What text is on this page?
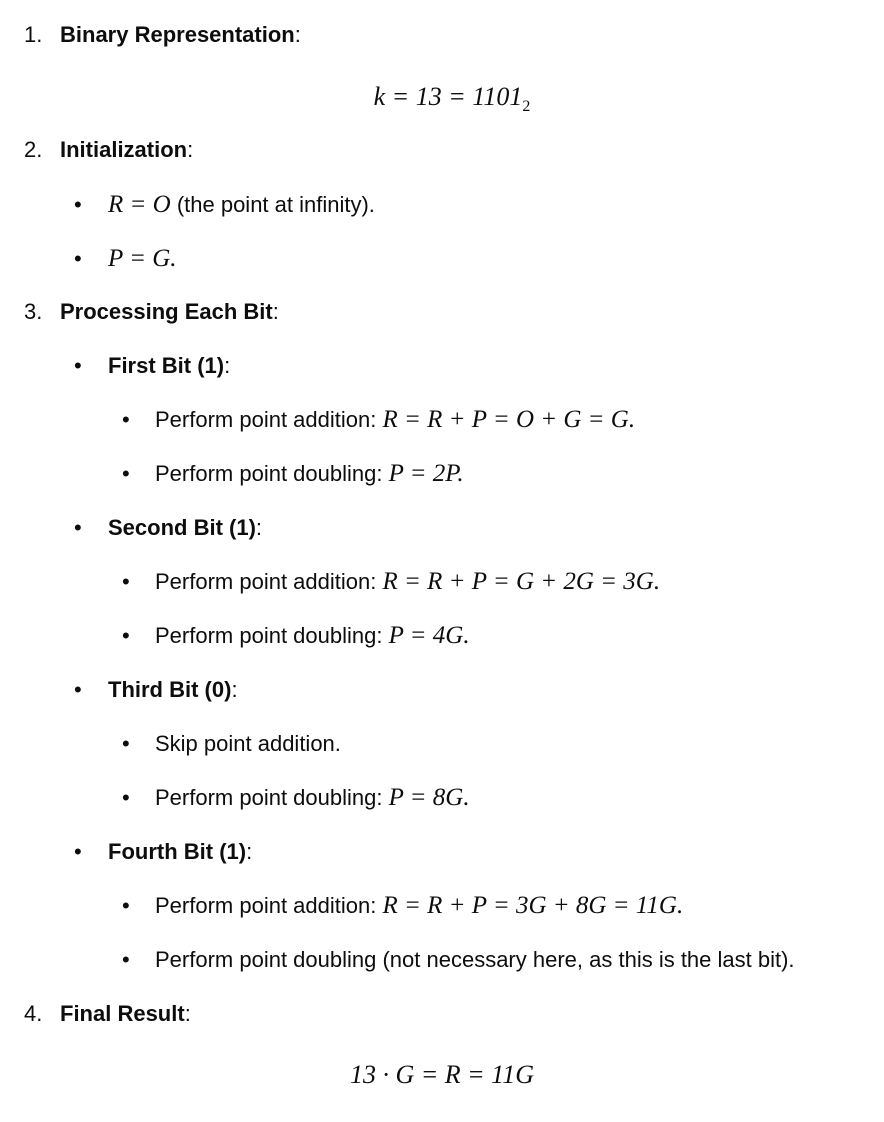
1. Binary Representation:
$k = 13 = 1101_2$
2. Initialization:
• R = O (the point at infinity).
• P = G.
3. Processing Each Bit:
• First Bit (1):
• Perform point addition: R = R + P = O + G = G.
• Perform point doubling: P = 2P.
• Second Bit (1):
• Perform point addition: R = R + P = G + 2G = 3G.
• Perform point doubling: P = 4G.
• Third Bit (0):
• Skip point addition.
• Perform point doubling: P = 8G.
• Fourth Bit (1):
• Perform point addition: R = R + P = 3G + 8G = 11G.
• Perform point doubling (not necessary here, as this is the last bit).
4. Final Result:
13 · G = R = 11G
